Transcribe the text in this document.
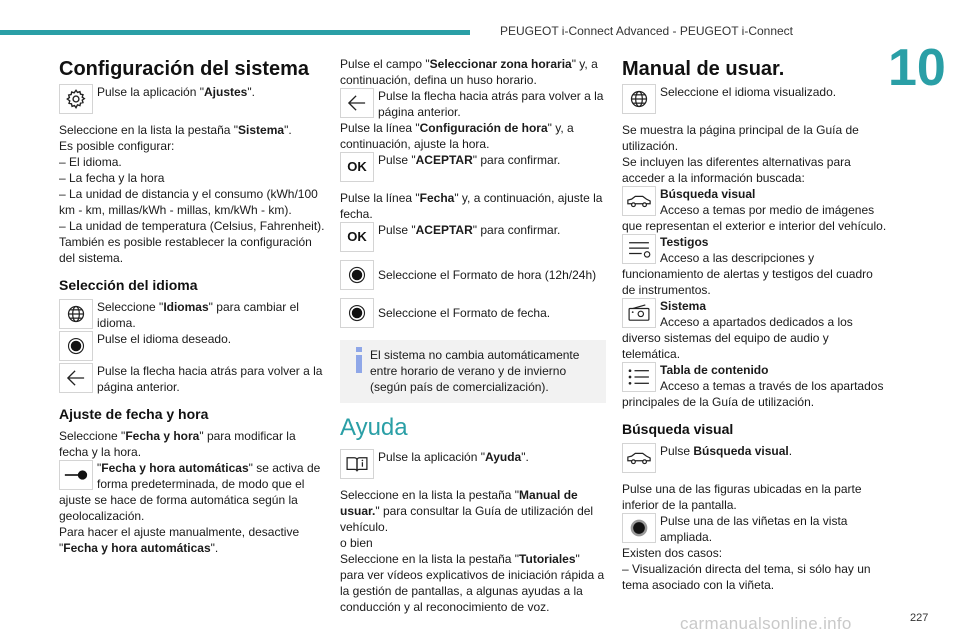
PEUGEOT i-Connect Advanced - PEUGEOT i-Connect
10
Configuración del sistema

Pulse la aplicación "Ajustes".

Seleccione en la lista la pestaña "Sistema".

Es posible configurar:

– El idioma.

– La fecha y la hora

– La unidad de distancia y el consumo (kWh/100 km - km, millas/kWh - millas, km/kWh - km).

– La unidad de temperatura (Celsius, Fahrenheit).

También es posible restablecer la configuración del sistema.

Selección del idioma

Seleccione "Idiomas" para cambiar el idioma.

Pulse el idioma deseado.

Pulse la flecha hacia atrás para volver a la página anterior.

Ajuste de fecha y hora

Seleccione "Fecha y hora" para modificar la fecha y la hora.

"Fecha y hora automáticas" se activa de forma predeterminada, de modo que el ajuste se hace de forma automática según la geolocalización.

Para hacer el ajuste manualmente, desactive "Fecha y hora automáticas".

Pulse el campo "Seleccionar zona horaria" y, a continuación, defina un huso horario.

Pulse la flecha hacia atrás para volver a la página anterior.

Pulse la línea "Configuración de hora" y, a continuación, ajuste la hora.

OK Pulse "ACEPTAR" para confirmar.

Pulse la línea "Fecha" y, a continuación, ajuste la fecha.

OK Pulse "ACEPTAR" para confirmar.

Seleccione el Formato de hora (12h/24h)

Seleccione el Formato de fecha.

El sistema no cambia automáticamente entre horario de verano y de invierno (según país de comercialización).

Ayuda

Pulse la aplicación "Ayuda".

Seleccione en la lista la pestaña "Manual de usuar." para consultar la Guía de utilización del vehículo.

o bien

Seleccione en la lista la pestaña "Tutoriales" para ver vídeos explicativos de iniciación rápida a la gestión de pantallas, a algunas ayudas a la conducción y al reconocimiento de voz.

Manual de usuar.

Seleccione el idioma visualizado.

Se muestra la página principal de la Guía de utilización.

Se incluyen las diferentes alternativas para acceder a la información buscada:

Búsqueda visual

Acceso a temas por medio de imágenes que representan el exterior e interior del vehículo.

Testigos

Acceso a las descripciones y funcionamiento de alertas y testigos del cuadro de instrumentos.

Sistema

Acceso a apartados dedicados a los diverso sistemas del equipo de audio y telemática.

Tabla de contenido

Acceso a temas a través de los apartados principales de la Guía de utilización.

Búsqueda visual

Pulse Búsqueda visual.

Pulse una de las figuras ubicadas en la parte inferior de la pantalla.

Pulse una de las viñetas en la vista ampliada.

Existen dos casos:

– Visualización directa del tema, si sólo hay un tema asociado con la viñeta.

carmanualsonline.info	227
